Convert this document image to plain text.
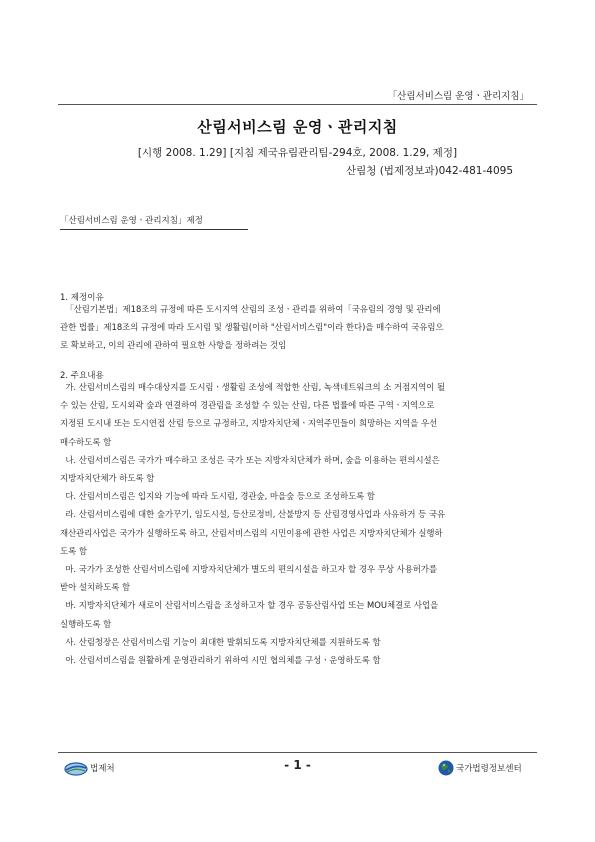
「산림서비스림 운영ㆍ관리지침」
산림서비스림 운영ㆍ관리지침
[시행 2008. 1.29] [지침 제국유림관리팀-294호, 2008. 1.29, 제정]
산림청 (법제정보과)042-481-4095
「산림서비스림 운영ㆍ관리지침」제정
1. 제정이유
「산림기본법」제18조의 규정에 따른 도시지역 산림의 조성ㆍ관리를 위하여「국유림의 경영 및 관리에
관한 법률」제18조의 규정에 따라 도시림 및 생활림(이하 "산림서비스림"이라 한다)을 매수하여 국유림으
로 확보하고, 이의 관리에 관하여 필요한 사항을 정하려는 것임
2. 주요내용
가. 산림서비스림의 매수대상지를 도시림ㆍ생활림 조성에 적합한 산림, 녹색네트워크의 소 거점지역이 될
수 있는 산림, 도시외곽 숲과 연결하여 경관림을 조성할 수 있는 산림, 다른 법률에 따른 구역ㆍ지역으로
지정된 도시내 또는 도시연접 산림 등으로 규정하고, 지방자치단체ㆍ지역주민들이 희망하는 지역을 우선
매수하도록 함
나. 산림서비스림은 국가가 매수하고 조성은 국가 또는 지방자치단체가 하며, 숲을 이용하는 편의시설은
지방자치단체가 하도록 함
다. 산림서비스림은 입지와 기능에 따라 도시림, 경관숲, 마을숲 등으로 조성하도록 함
라. 산림서비스림에 대한 숲가꾸기, 임도시설, 등산로정비, 산불방지 등 산림경영사업과 사유하거 등 국유
재산관리사업은 국가가 실행하도록 하고, 산림서비스림의 시민이용에 관한 사업은 지방자치단체가 실행하
도록 함
마. 국가가 조성한 산림서비스림에 지방자치단체가 별도의 편의시설을 하고자 할 경우 무상 사용허가를
받아 설치하도록 함
바. 지방자치단체가 새로이 산림서비스림을 조성하고자 할 경우 공동산림사업 또는 MOU체결로 사업을
실행하도록 함
사. 산림청장은 산림서비스림 기능이 최대한 발휘되도록 지방자치단체를 지원하도록 함
아. 산림서비스림을 원활하게 운영관리하기 위하여 시민 협의체를 구성ㆍ운영하도록 함
법제처	- 1 -	국가법령정보센터
